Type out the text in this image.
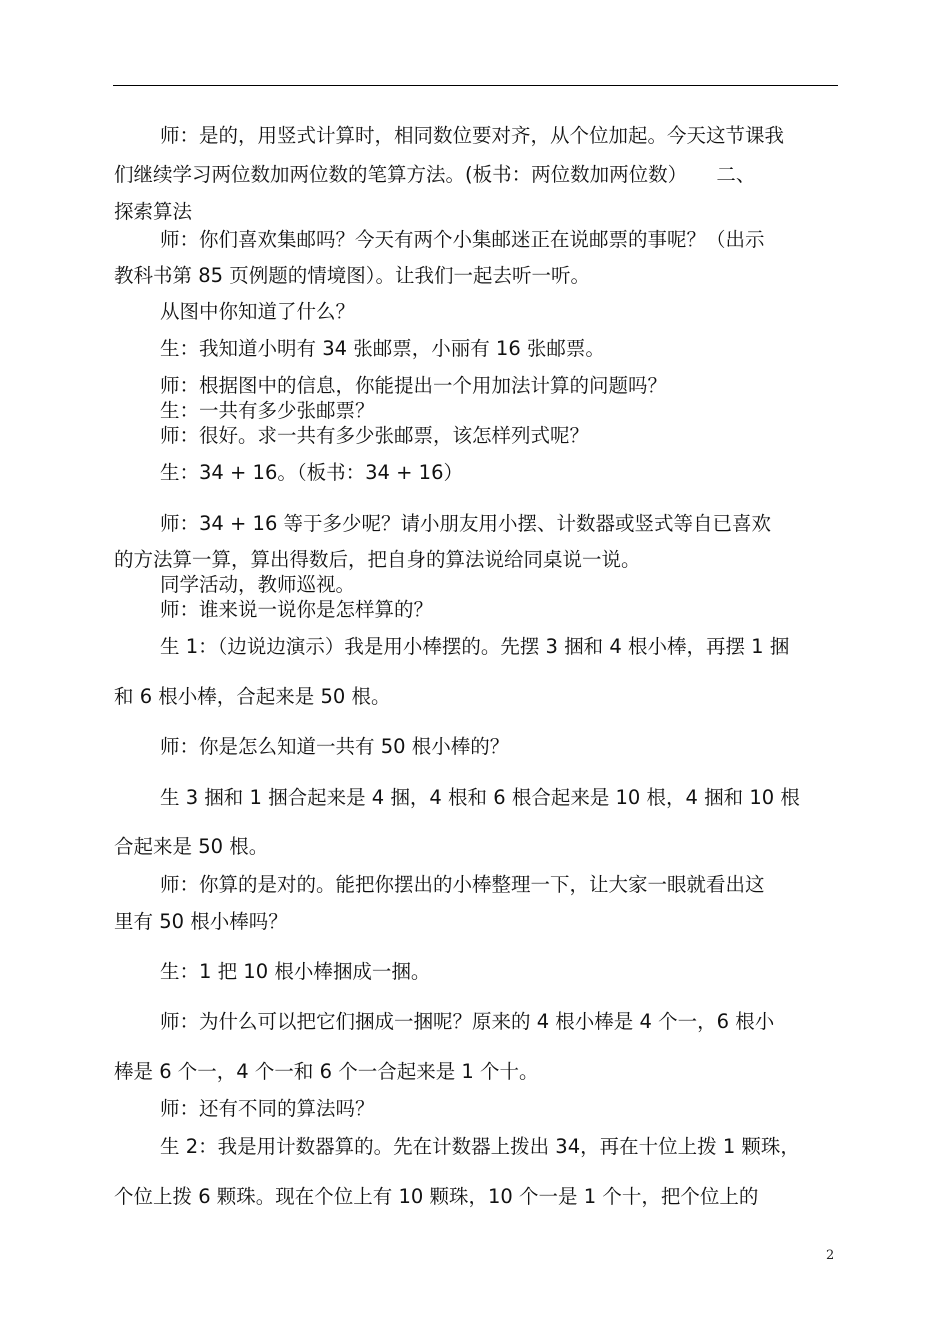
师：是的，用竖式计算时，相同数位要对齐，从个位加起。今天这节课我
们继续学习两位数加两位数的笔算方法。(板书：两位数加两位数）　　二、
探索算法
师：你们喜欢集邮吗？今天有两个小集邮迷正在说邮票的事呢？（出示
教科书第 85 页例题的情境图）。让我们一起去听一听。
从图中你知道了什么？
生：我知道小明有 34 张邮票，小丽有 16 张邮票。
师：根据图中的信息，你能提出一个用加法计算的问题吗？
生：一共有多少张邮票？
师：很好。求一共有多少张邮票，该怎样列式呢？
生：34 + 16。（板书：34 + 16）
师：34 + 16 等于多少呢？请小朋友用小摆、计数器或竖式等自已喜欢
的方法算一算，算出得数后，把自身的算法说给同桌说一说。
同学活动，教师巡视。
师：谁来说一说你是怎样算的？
生 1：（边说边演示）我是用小棒摆的。先摆 3 捆和 4 根小棒，再摆 1 捆
和 6 根小棒，合起来是 50 根。
师：你是怎么知道一共有 50 根小棒的？
生 3 捆和 1 捆合起来是 4 捆，4 根和 6 根合起来是 10 根，4 捆和 10 根
合起来是 50 根。
师：你算的是对的。能把你摆出的小棒整理一下，让大家一眼就看出这
里有 50 根小棒吗？
生：1 把 10 根小棒捆成一捆。
师：为什么可以把它们捆成一捆呢？原来的 4 根小棒是 4 个一，6 根小
棒是 6 个一，4 个一和 6 个一合起来是 1 个十。
师：还有不同的算法吗？
生 2：我是用计数器算的。先在计数器上拨出 34，再在十位上拨 1 颗珠，
个位上拨 6 颗珠。现在个位上有 10 颗珠，10 个一是 1 个十，把个位上的
2
